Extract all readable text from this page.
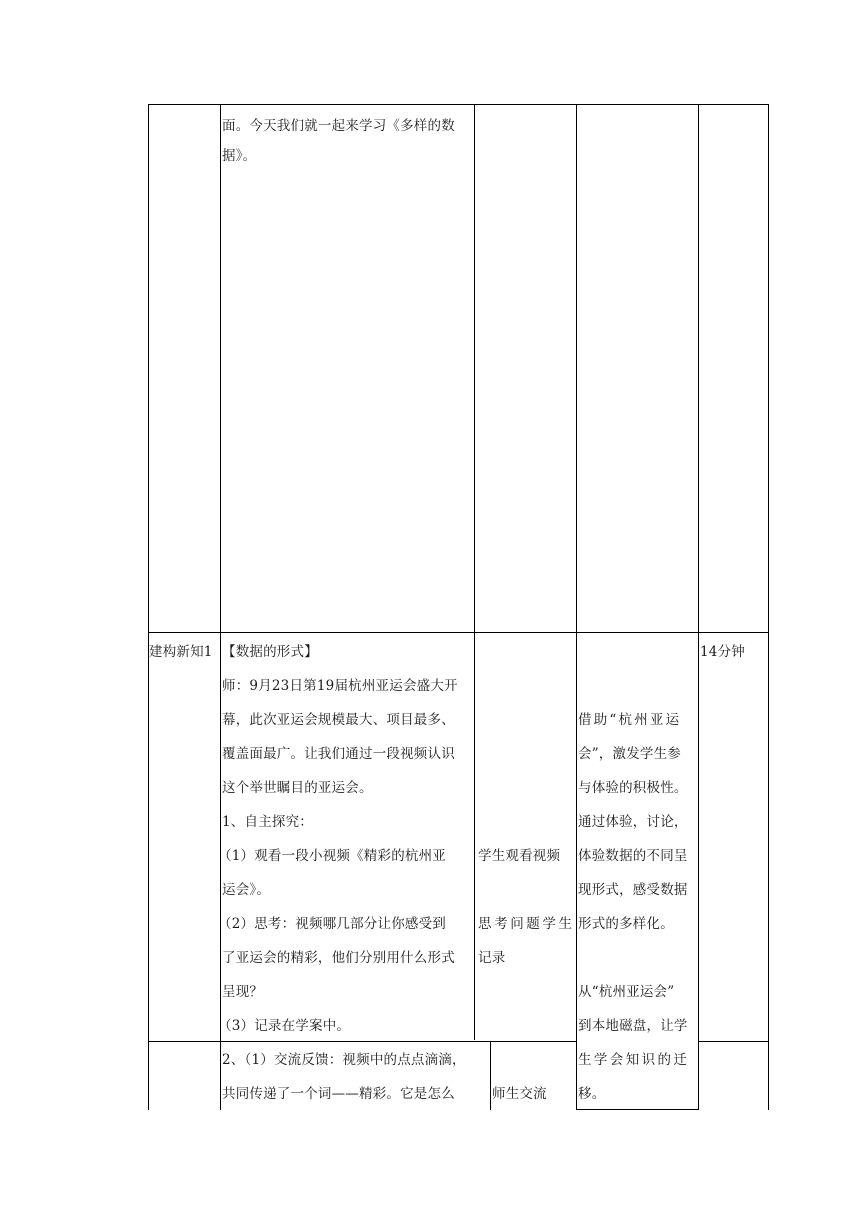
面。今天我们就一起来学习《多样的数
据》。
建构新知1	14分钟
【数据的形式】
师：9月23日第19届杭州亚运会盛大开
幕，此次亚运会规模最大、项目最多、
覆盖面最广。让我们通过一段视频认识
这个举世瞩目的亚运会。
1、自主探究：
（1）观看一段小视频《精彩的杭州亚
运会》。
（2）思考：视频哪几部分让你感受到
了亚运会的精彩，他们分别用什么形式
呈现？
（3）记录在学案中。
学生观看视频
思考问题学生
记录
借助“杭州亚运
会”，激发学生参
与体验的积极性。
通过体验，讨论，
体验数据的不同呈
现形式，感受数据
形式的多样化。
从“杭州亚运会”
到本地磁盘，让学
生学会知识的迁
移。
2、（1）交流反馈：视频中的点点滴滴，
共同传递了一个词——精彩。它是怎么	师生交流
